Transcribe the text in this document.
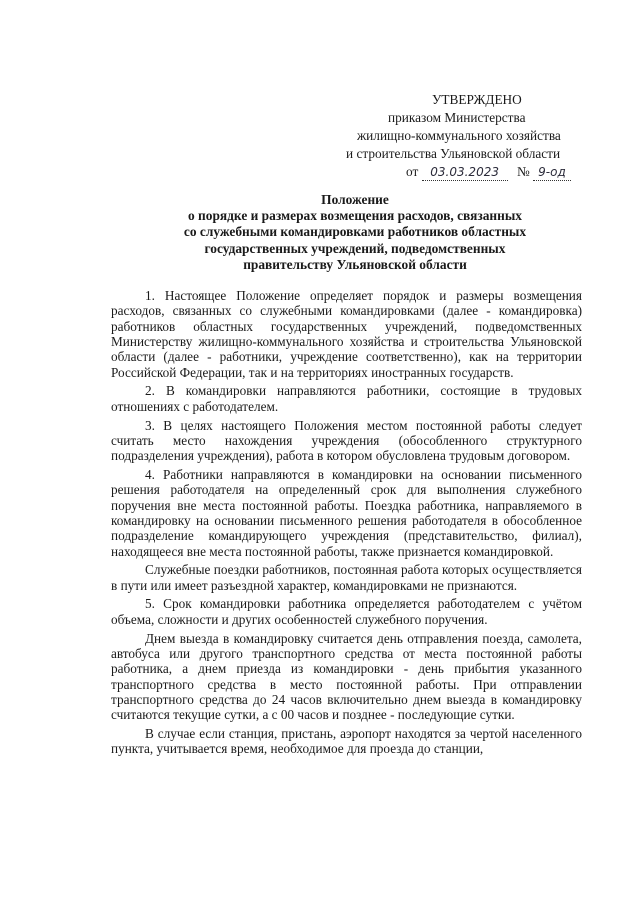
УТВЕРЖДЕНО
приказом Министерства
жилищно-коммунального хозяйства
и строительства Ульяновской области
от 03.03.2023 № 9-од
Положение
о порядке и размерах возмещения расходов, связанных
со служебными командировками работников областных
государственных учреждений, подведомственных
правительству Ульяновской области

1. Настоящее Положение определяет порядок и размеры возмещения расходов, связанных со служебными командировками (далее - командировка) работников областных государственных учреждений, подведомственных Министерству жилищно-коммунального хозяйства и строительства Ульяновской области (далее - работники, учреждение соответственно), как на территории Российской Федерации, так и на территориях иностранных государств.

2. В командировки направляются работники, состоящие в трудовых отношениях с работодателем.

3. В целях настоящего Положения местом постоянной работы следует считать место нахождения учреждения (обособленного структурного подразделения учреждения), работа в котором обусловлена трудовым договором.

4. Работники направляются в командировки на основании письменного решения работодателя на определенный срок для выполнения служебного поручения вне места постоянной работы. Поездка работника, направляемого в командировку на основании письменного решения работодателя в обособленное подразделение командирующего учреждения (представительство, филиал), находящееся вне места постоянной работы, также признается командировкой.

Служебные поездки работников, постоянная работа которых осуществляется в пути или имеет разъездной характер, командировками не признаются.

5. Срок командировки работника определяется работодателем с учётом объема, сложности и других особенностей служебного поручения.

Днем выезда в командировку считается день отправления поезда, самолета, автобуса или другого транспортного средства от места постоянной работы работника, а днем приезда из командировки - день прибытия указанного транспортного средства в место постоянной работы. При отправлении транспортного средства до 24 часов включительно днем выезда в командировку считаются текущие сутки, а с 00 часов и позднее - последующие сутки.

В случае если станция, пристань, аэропорт находятся за чертой населенного пункта, учитывается время, необходимое для проезда до станции,
